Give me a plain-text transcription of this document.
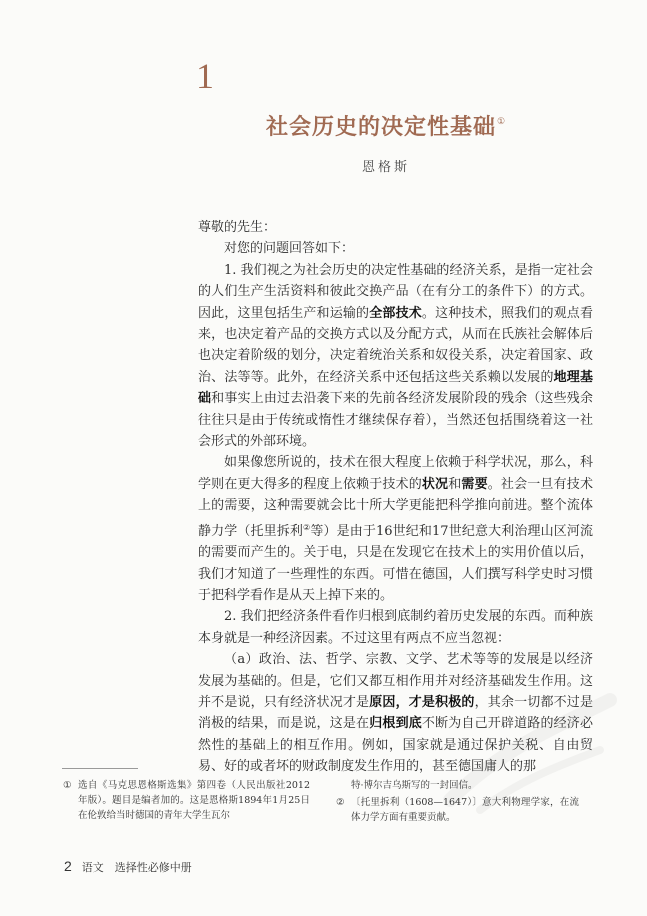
1
社会历史的决定性基础①
恩格斯

尊敬的先生：

对您的问题回答如下：

1. 我们视之为社会历史的决定性基础的经济关系，是指一定社会的人们生产生活资料和彼此交换产品（在有分工的条件下）的方式。因此，这里包括生产和运输的全部技术。这种技术，照我们的观点看来，也决定着产品的交换方式以及分配方式，从而在氏族社会解体后也决定着阶级的划分，决定着统治关系和奴役关系，决定着国家、政治、法等等。此外，在经济关系中还包括这些关系赖以发展的地理基础和事实上由过去沿袭下来的先前各经济发展阶段的残余（这些残余往往只是由于传统或惰性才继续保存着），当然还包括围绕着这一社会形式的外部环境。

如果像您所说的，技术在很大程度上依赖于科学状况，那么，科学则在更大得多的程度上依赖于技术的状况和需要。社会一旦有技术上的需要，这种需要就会比十所大学更能把科学推向前进。整个流体静力学（托里拆利②等）是由于16世纪和17世纪意大利治理山区河流的需要而产生的。关于电，只是在发现它在技术上的实用价值以后，我们才知道了一些理性的东西。可惜在德国，人们撰写科学史时习惯于把科学看作是从天上掉下来的。

2. 我们把经济条件看作归根到底制约着历史发展的东西。而种族本身就是一种经济因素。不过这里有两点不应当忽视：

（a）政治、法、哲学、宗教、文学、艺术等等的发展是以经济发展为基础的。但是，它们又都互相作用并对经济基础发生作用。这并不是说，只有经济状况才是原因，才是积极的，其余一切都不过是消极的结果，而是说，这是在归根到底不断为自己开辟道路的经济必然性的基础上的相互作用。例如，国家就是通过保护关税、自由贸易、好的或者坏的财政制度发生作用的，甚至德国庸人的那

① 选自《马克思恩格斯选集》第四卷（人民出版社2012年版）。题目是编者加的。这是恩格斯1894年1月25日在伦敦给当时德国的青年大学生瓦尔
特·博尔吉乌斯写的一封回信。
② 〔托里拆利（1608—1647）〕意大利物理学家，在流体力学方面有重要贡献。
2 语文　选择性必修中册
